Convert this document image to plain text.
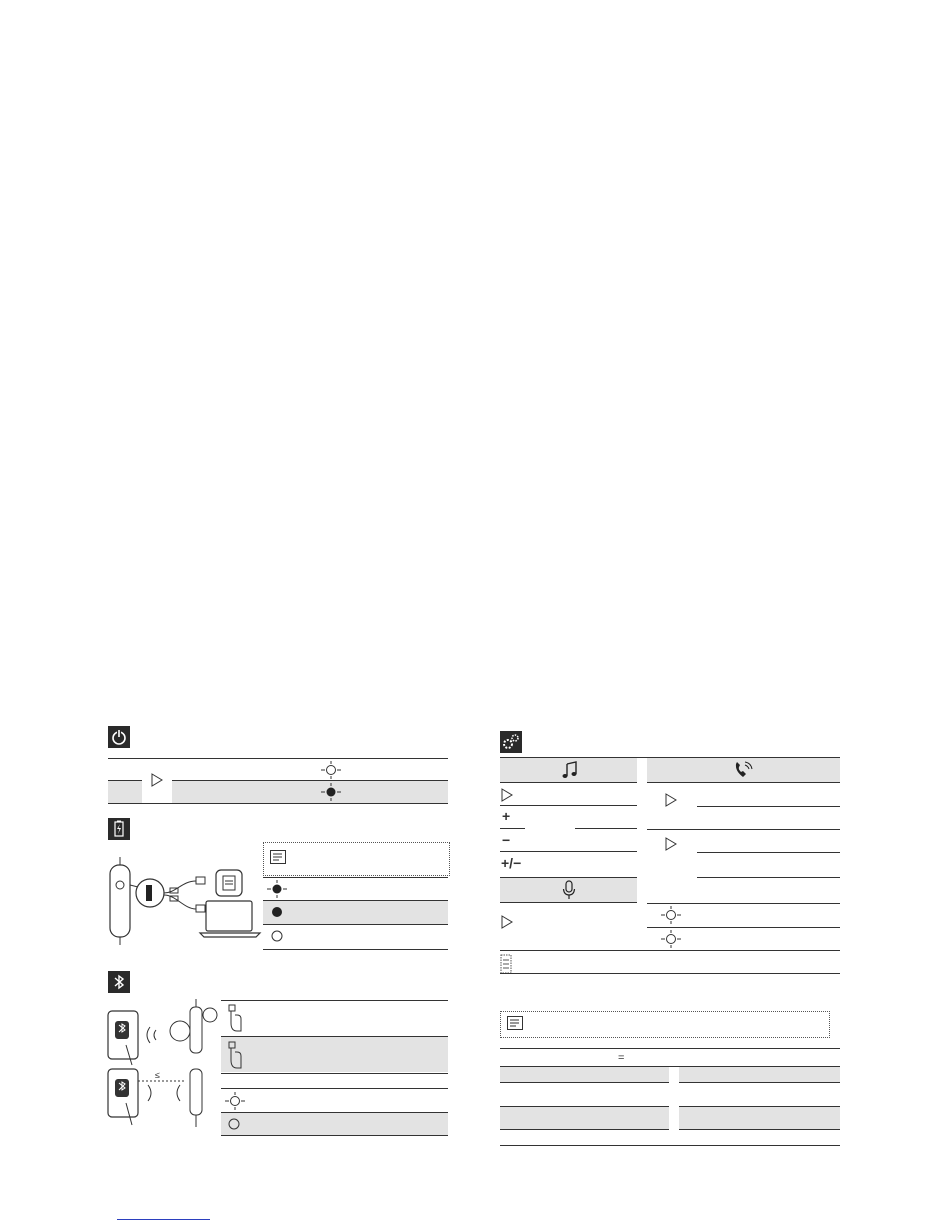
≤
+
−
+/−
=
